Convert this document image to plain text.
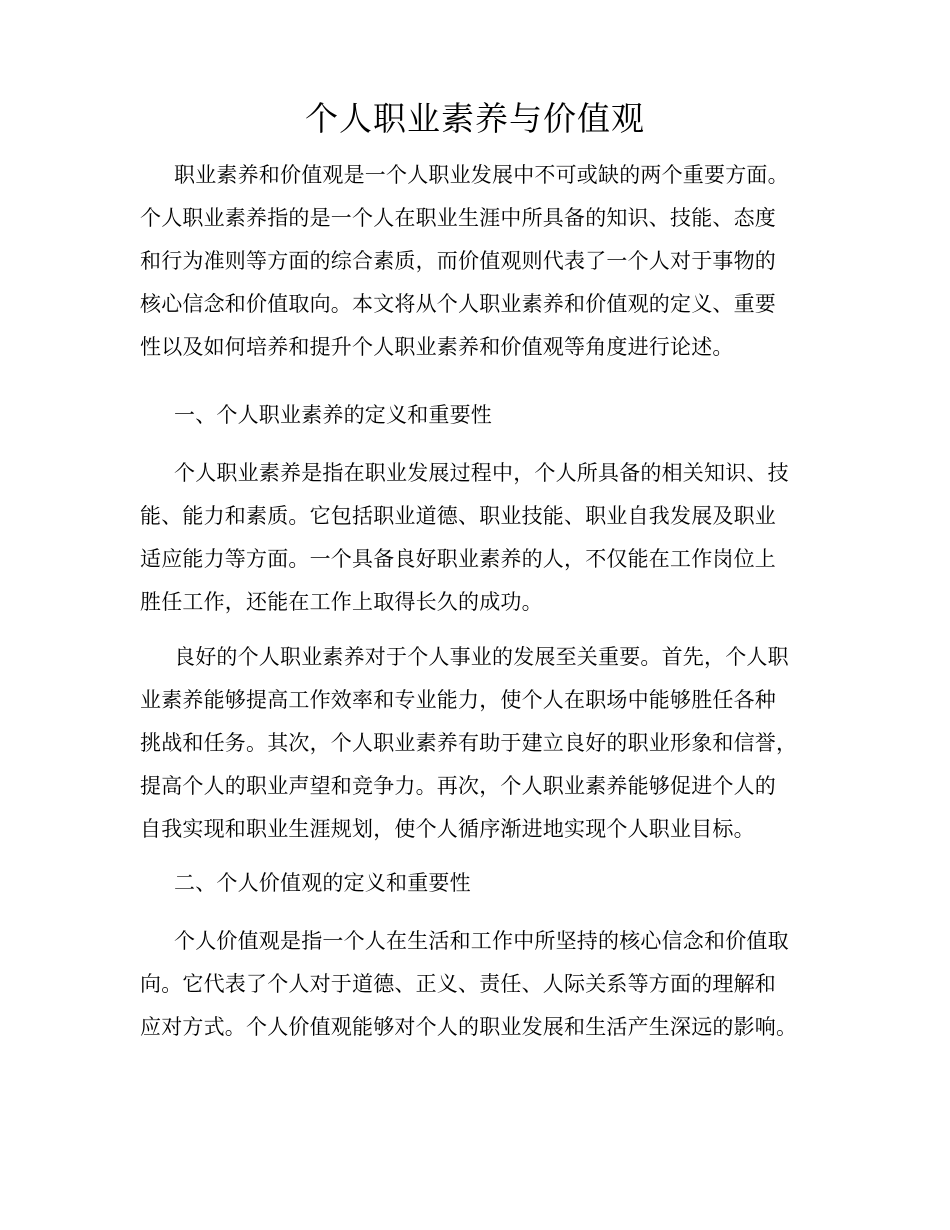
个人职业素养与价值观
职业素养和价值观是一个人职业发展中不可或缺的两个重要方面。
个人职业素养指的是一个人在职业生涯中所具备的知识、技能、态度
和行为准则等方面的综合素质，而价值观则代表了一个人对于事物的
核心信念和价值取向。本文将从个人职业素养和价值观的定义、重要
性以及如何培养和提升个人职业素养和价值观等角度进行论述。
一、个人职业素养的定义和重要性
个人职业素养是指在职业发展过程中，个人所具备的相关知识、技
能、能力和素质。它包括职业道德、职业技能、职业自我发展及职业
适应能力等方面。一个具备良好职业素养的人，不仅能在工作岗位上
胜任工作，还能在工作上取得长久的成功。
良好的个人职业素养对于个人事业的发展至关重要。首先，个人职
业素养能够提高工作效率和专业能力，使个人在职场中能够胜任各种
挑战和任务。其次，个人职业素养有助于建立良好的职业形象和信誉，
提高个人的职业声望和竞争力。再次，个人职业素养能够促进个人的
自我实现和职业生涯规划，使个人循序渐进地实现个人职业目标。
二、个人价值观的定义和重要性
个人价值观是指一个人在生活和工作中所坚持的核心信念和价值取
向。它代表了个人对于道德、正义、责任、人际关系等方面的理解和
应对方式。个人价值观能够对个人的职业发展和生活产生深远的影响。
